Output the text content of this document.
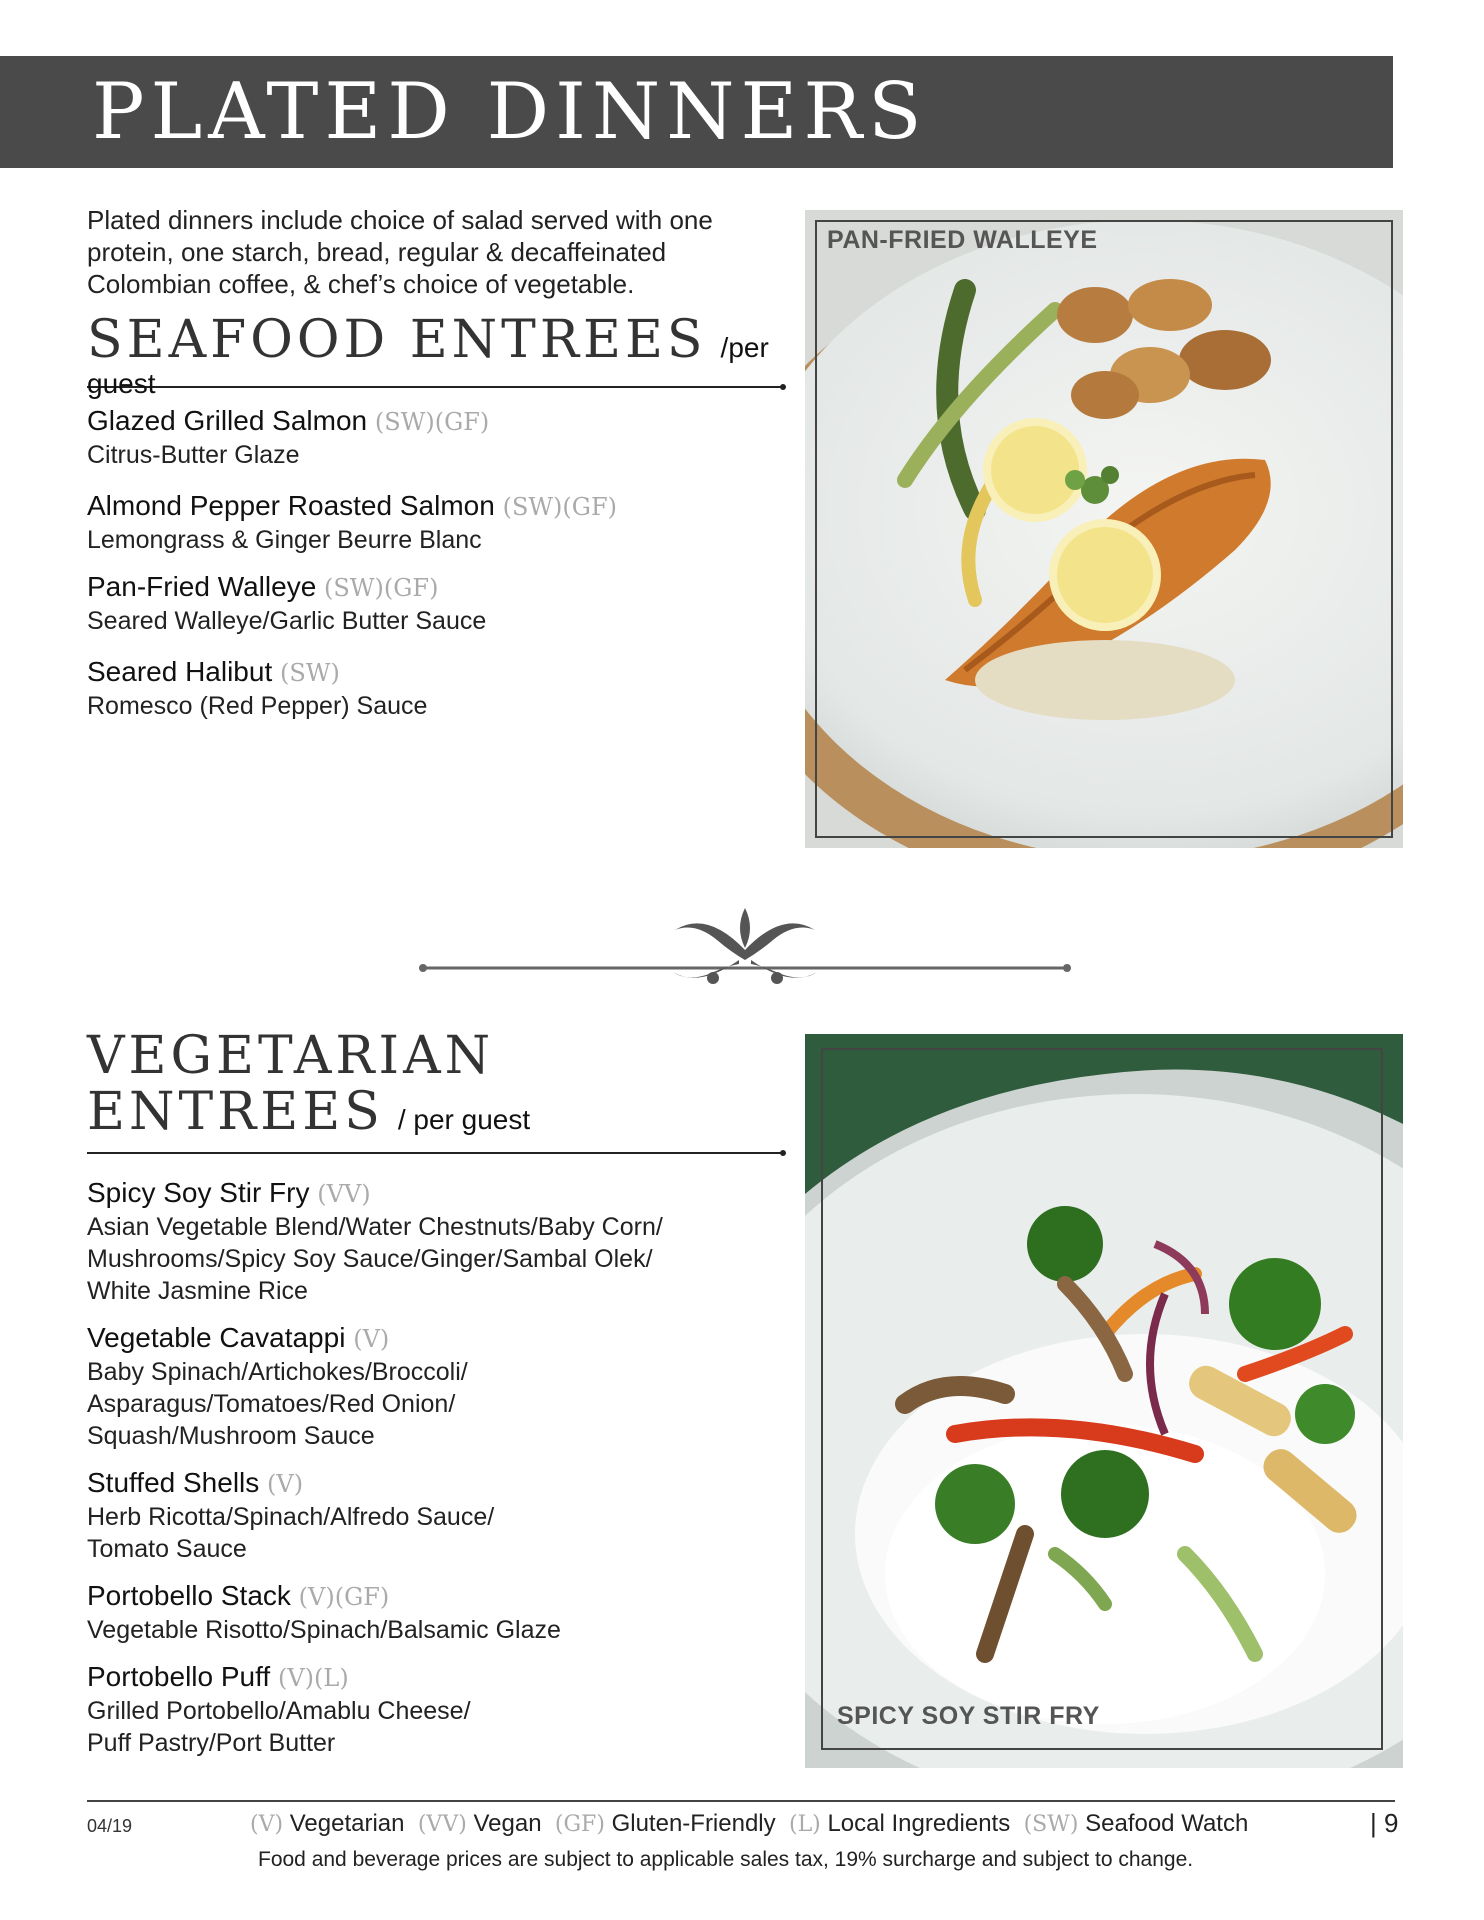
PLATED DINNERS
Plated dinners include choice of salad served with one protein, one starch, bread, regular & decaffeinated Colombian coffee, & chef’s choice of vegetable.
SEAFOOD ENTREES /per guest
Glazed Grilled Salmon (SW)(GF)
Citrus-Butter Glaze
Almond Pepper Roasted Salmon (SW)(GF)
Lemongrass & Ginger Beurre Blanc
Pan-Fried Walleye (SW)(GF)
Seared Walleye/Garlic Butter Sauce
Seared Halibut (SW)
Romesco (Red Pepper) Sauce
PAN-FRIED WALLEYE
VEGETARIAN
ENTREES / per guest
Spicy Soy Stir Fry (VV)
Asian Vegetable Blend/Water Chestnuts/Baby Corn/
Mushrooms/Spicy Soy Sauce/Ginger/Sambal Olek/
White Jasmine Rice
Vegetable Cavatappi (V)
Baby Spinach/Artichokes/Broccoli/
Asparagus/Tomatoes/Red Onion/
Squash/Mushroom Sauce
Stuffed Shells (V)
Herb Ricotta/Spinach/Alfredo Sauce/
Tomato Sauce
Portobello Stack (V)(GF)
Vegetable Risotto/Spinach/Balsamic Glaze
Portobello Puff (V)(L)
Grilled Portobello/Amablu Cheese/
Puff Pastry/Port Butter
SPICY SOY STIR FRY
04/19	(V) Vegetarian (VV) Vegan (GF) Gluten-Friendly (L) Local Ingredients (SW) Seafood Watch
Food and beverage prices are subject to applicable sales tax, 19% surcharge and subject to change.
| 9
